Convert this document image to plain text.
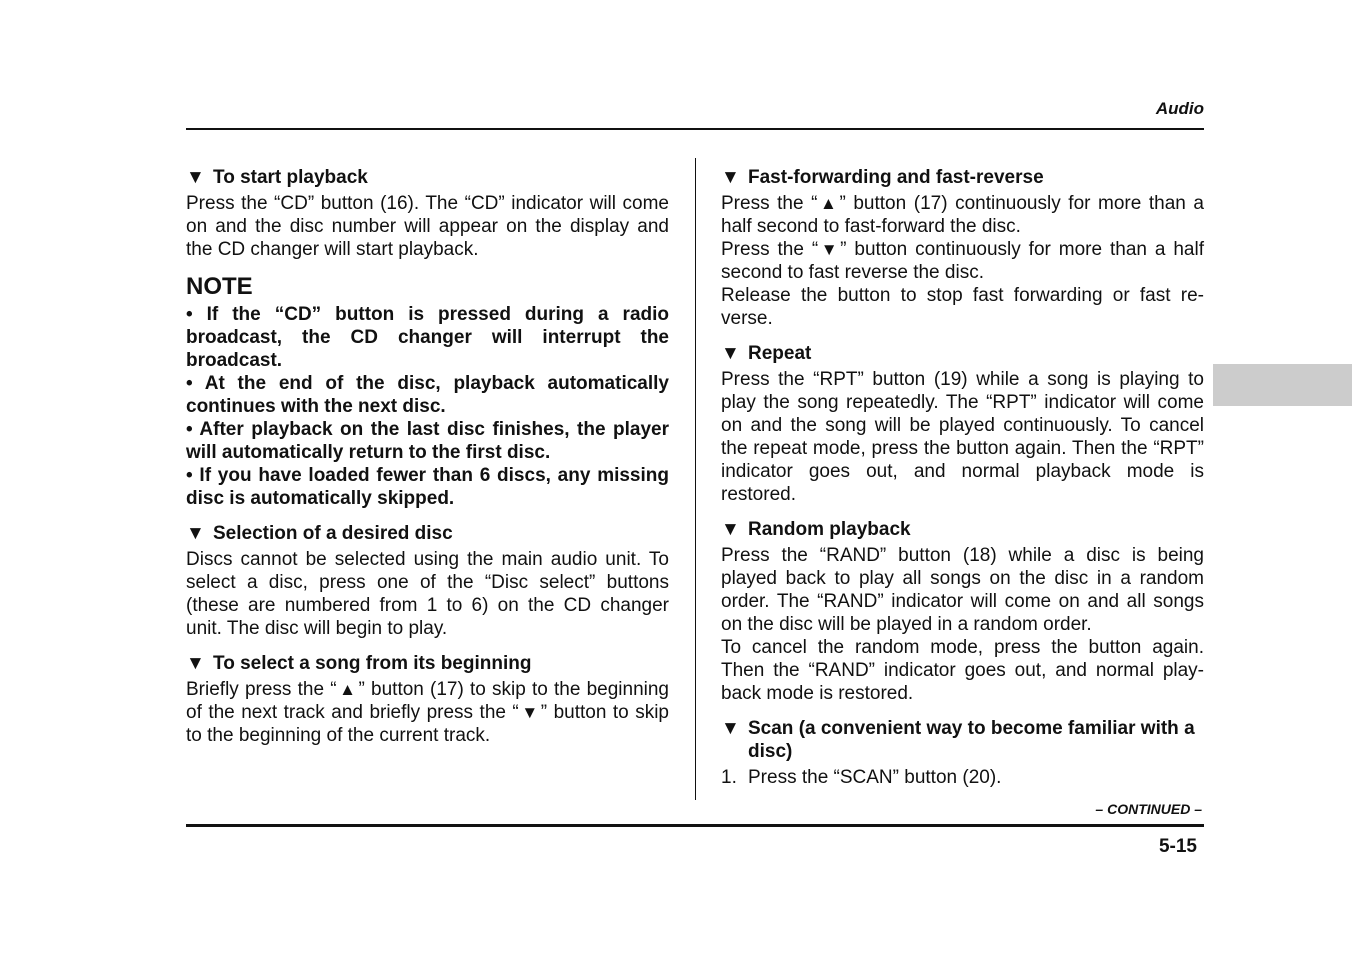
Audio
▼ To start playback

Press the “CD” button (16). The “CD” indicator will come on and the disc number will appear on the display and the CD changer will start playback.

NOTE

• If the “CD” button is pressed during a radio broadcast, the CD changer will interrupt the broadcast.

• At the end of the disc, playback automatically continues with the next disc.

• After playback on the last disc finishes, the player will automatically return to the first disc.

• If you have loaded fewer than 6 discs, any missing disc is automatically skipped.

▼ Selection of a desired disc

Discs cannot be selected using the main audio unit. To select a disc, press one of the “Disc select” buttons (these are numbered from 1 to 6) on the CD changer unit. The disc will begin to play.

▼ To select a song from its beginning

Briefly press the “ ▲ ” button (17) to skip to the beginning of the next track and briefly press the “ ▼ ” button to skip to the beginning of the current track.

▼ Fast-forwarding and fast-reverse

Press the “ ▲ ” button (17) continuously for more than a half second to fast-forward the disc.

Press the “ ▼ ” button continuously for more than a half second to fast reverse the disc.

Release the button to stop fast forwarding or fast reverse.

▼ Repeat

Press the “RPT” button (19) while a song is playing to play the song repeatedly. The “RPT” indicator will come on and the song will be played continuously. To cancel the repeat mode, press the button again. Then the “RPT” indicator goes out, and normal playback mode is restored.

▼ Random playback

Press the “RAND” button (18) while a disc is being played back to play all songs on the disc in a random order. The “RAND” indicator will come on and all songs on the disc will be played in a random order.

To cancel the random mode, press the button again. Then the “RAND” indicator goes out, and normal playback mode is restored.

▼ Scan (a convenient way to become familiar with a disc)
1. Press the “SCAN” button (20).
– CONTINUED –
5-15
